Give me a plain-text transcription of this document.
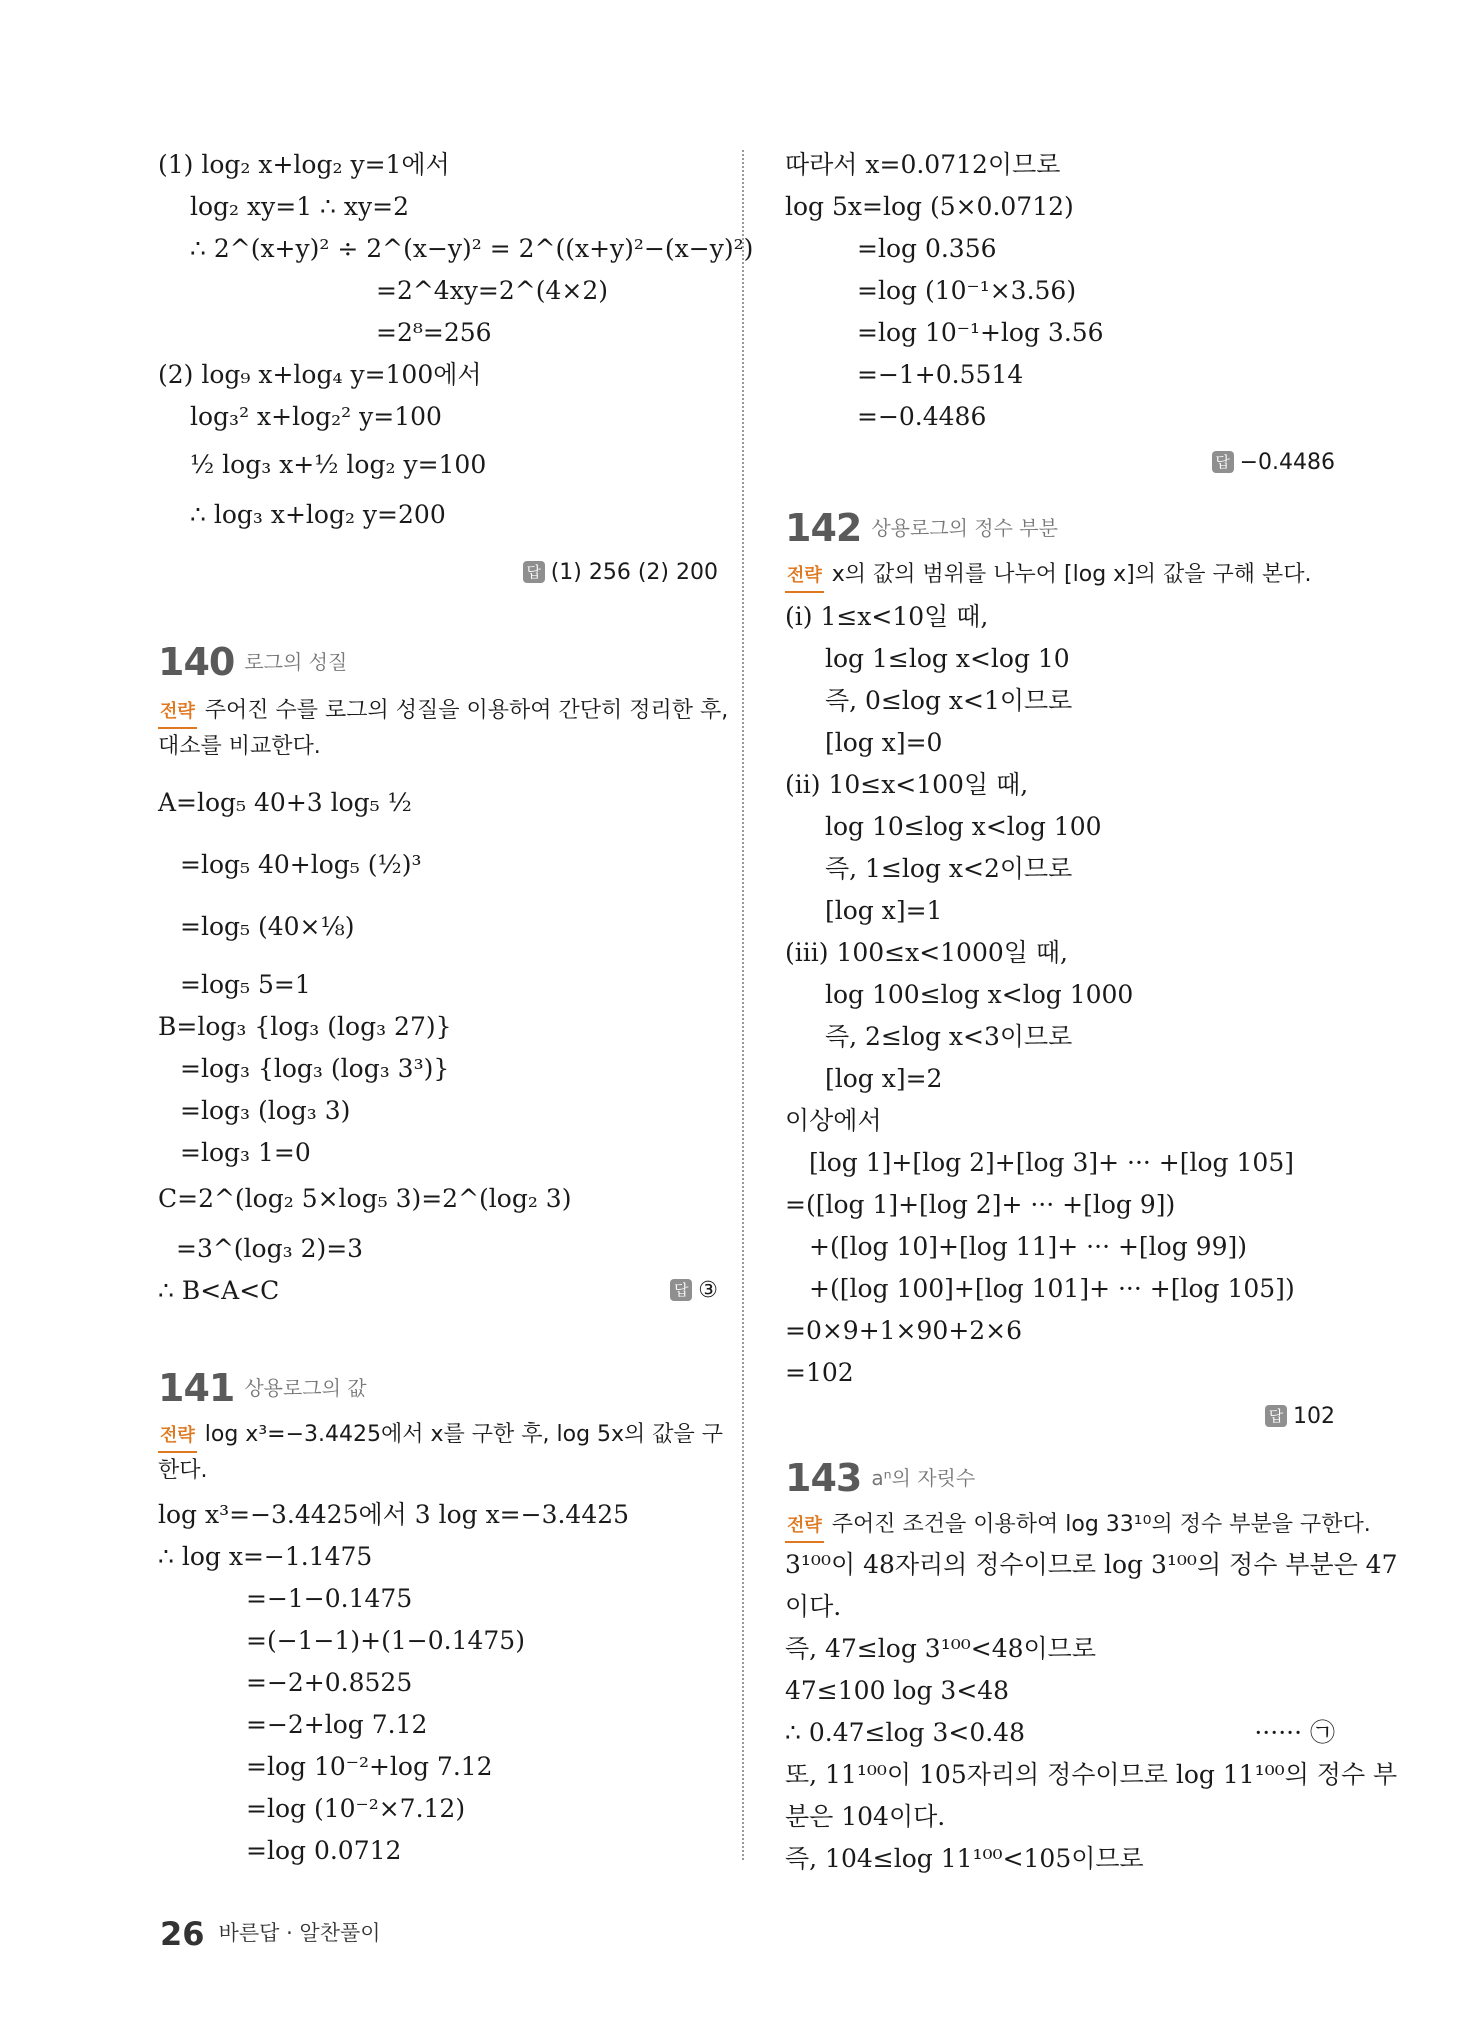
(1) log₂ x+log₂ y=1에서
log₂ xy=1 ∴ xy=2
∴ 2^(x+y)² ÷ 2^(x−y)² = 2^((x+y)²−(x−y)²)
=2^4xy=2^(4×2)
=2⁸=256
(2) log₉ x+log₄ y=100에서
log₃² x+log₂² y=100
½ log₃ x+½ log₂ y=100
∴ log₃ x+log₂ y=200
답 (1) 256 (2) 200
140 로그의 성질
전략 주어진 수를 로그의 성질을 이용하여 간단히 정리한 후,
대소를 비교한다.
A=log₅ 40+3 log₅ ½
=log₅ 40+log₅ (½)³
=log₅ (40×⅛)
=log₅ 5=1
B=log₃ {log₃ (log₃ 27)}
=log₃ {log₃ (log₃ 3³)}
=log₃ (log₃ 3)
=log₃ 1=0
C=2^(log₂ 5×log₅ 3)=2^(log₂ 3)
=3^(log₃ 2)=3
∴ B<A<C	답 ③
141 상용로그의 값
전략 log x³=−3.4425에서 x를 구한 후, log 5x의 값을 구
한다.
log x³=−3.4425에서 3 log x=−3.4425
∴ log x=−1.1475
=−1−0.1475
=(−1−1)+(1−0.1475)
=−2+0.8525
=−2+log 7.12
=log 10⁻²+log 7.12
=log (10⁻²×7.12)
=log 0.0712
따라서 x=0.0712이므로
log 5x=log (5×0.0712)
=log 0.356
=log (10⁻¹×3.56)
=log 10⁻¹+log 3.56
=−1+0.5514
=−0.4486
답 −0.4486
142 상용로그의 정수 부분
전략 x의 값의 범위를 나누어 [log x]의 값을 구해 본다.
(i) 1≤x<10일 때,
log 1≤log x<log 10
즉, 0≤log x<1이므로
[log x]=0
(ii) 10≤x<100일 때,
log 10≤log x<log 100
즉, 1≤log x<2이므로
[log x]=1
(iii) 100≤x<1000일 때,
log 100≤log x<log 1000
즉, 2≤log x<3이므로
[log x]=2
이상에서
[log 1]+[log 2]+[log 3]+ ··· +[log 105]
=([log 1]+[log 2]+ ··· +[log 9])
+([log 10]+[log 11]+ ··· +[log 99])
+([log 100]+[log 101]+ ··· +[log 105])
=0×9+1×90+2×6
=102
답 102
143 aⁿ의 자릿수
전략 주어진 조건을 이용하여 log 33¹⁰의 정수 부분을 구한다.
3¹⁰⁰이 48자리의 정수이므로 log 3¹⁰⁰의 정수 부분은 47
이다.
즉, 47≤log 3¹⁰⁰<48이므로
47≤100 log 3<48
∴ 0.47≤log 3<0.48	······ ㉠
또, 11¹⁰⁰이 105자리의 정수이므로 log 11¹⁰⁰의 정수 부
분은 104이다.
즉, 104≤log 11¹⁰⁰<105이므로
26 바른답 · 알찬풀이
